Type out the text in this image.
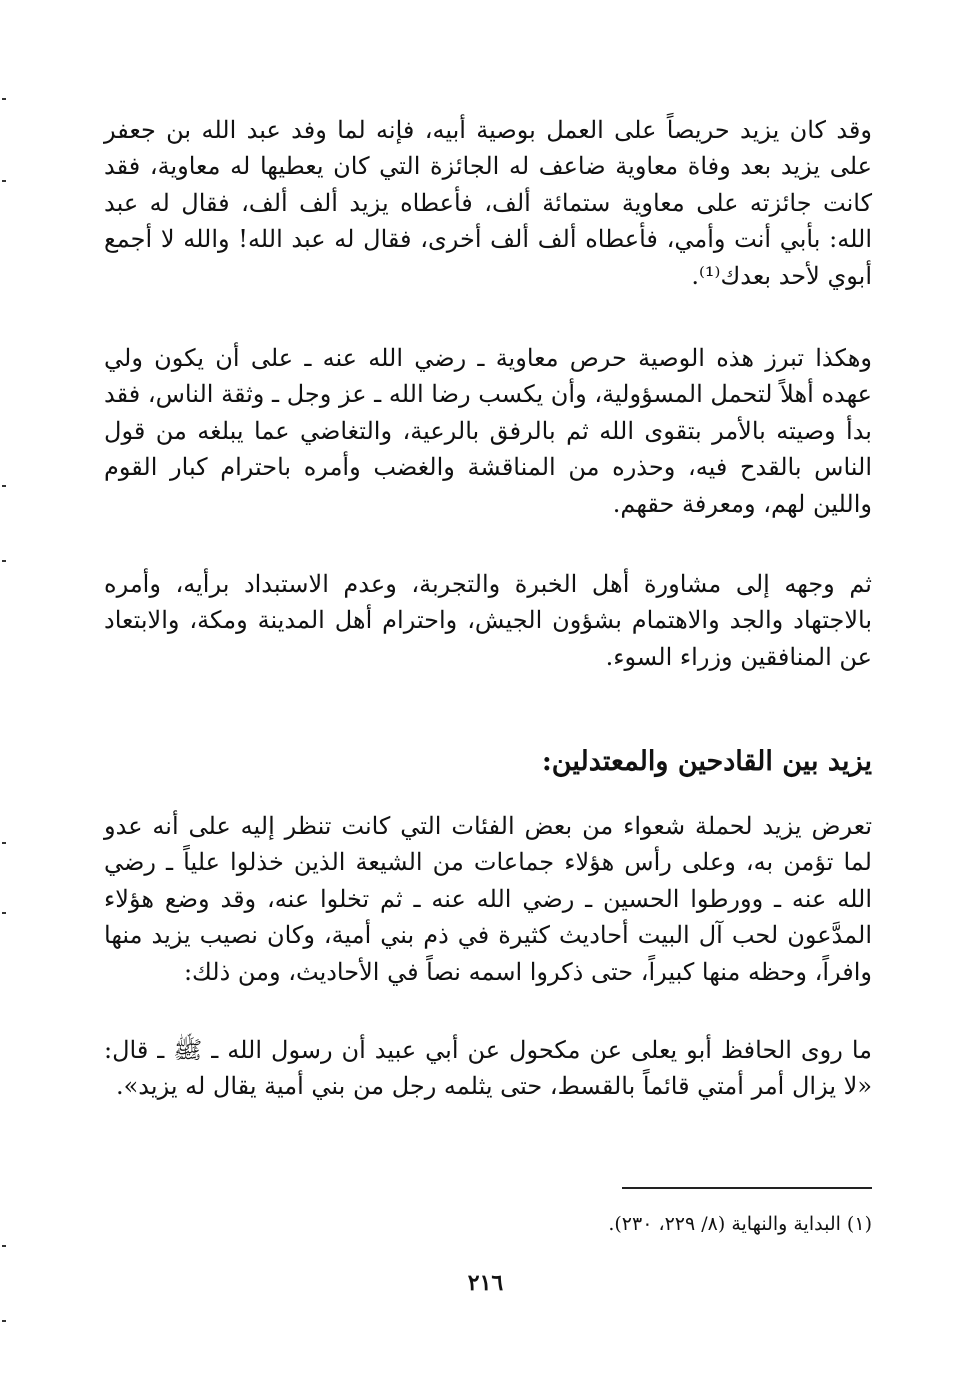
وقد كان يزيد حريصاً على العمل بوصية أبيه، فإنه لما وفد عبد الله بن جعفر على يزيد بعد وفاة معاوية ضاعف له الجائزة التي كان يعطيها له معاوية، فقد كانت جائزته على معاوية ستمائة ألف، فأعطاه يزيد ألف ألف، فقال له عبد الله: بأبي أنت وأمي، فأعطاه ألف ألف أخرى، فقال له عبد الله! والله لا أجمع أبوي لأحد بعدك⁽¹⁾.

وهكذا تبرز هذه الوصية حرص معاوية ـ رضي الله عنه ـ على أن يكون ولي عهده أهلاً لتحمل المسؤولية، وأن يكسب رضا الله ـ عز وجل ـ وثقة الناس، فقد بدأ وصيته بالأمر بتقوى الله ثم بالرفق بالرعية، والتغاضي عما يبلغه من قول الناس بالقدح فيه، وحذره من المناقشة والغضب وأمره باحترام كبار القوم واللين لهم، ومعرفة حقهم.

ثم وجهه إلى مشاورة أهل الخبرة والتجربة، وعدم الاستبداد برأيه، وأمره بالاجتهاد والجد والاهتمام بشؤون الجيش، واحترام أهل المدينة ومكة، والابتعاد عن المنافقين وزراء السوء.

يزيد بين القادحين والمعتدلين:

تعرض يزيد لحملة شعواء من بعض الفئات التي كانت تنظر إليه على أنه عدو لما تؤمن به، وعلى رأس هؤلاء جماعات من الشيعة الذين خذلوا علياً ـ رضي الله عنه ـ وورطوا الحسين ـ رضي الله عنه ـ ثم تخلوا عنه، وقد وضع هؤلاء المدَّعون لحب آل البيت أحاديث كثيرة في ذم بني أمية، وكان نصيب يزيد منها وافراً، وحظه منها كبيراً، حتى ذكروا اسمه نصاً في الأحاديث، ومن ذلك:

ما روى الحافظ أبو يعلى عن مكحول عن أبي عبيد أن رسول الله ـ ﷺ ـ قال: «لا يزال أمر أمتي قائماً بالقسط، حتى يثلمه رجل من بني أمية يقال له يزيد».

(١) البداية والنهاية (٨/ ٢٢٩، ٢٣٠).

٢١٦
